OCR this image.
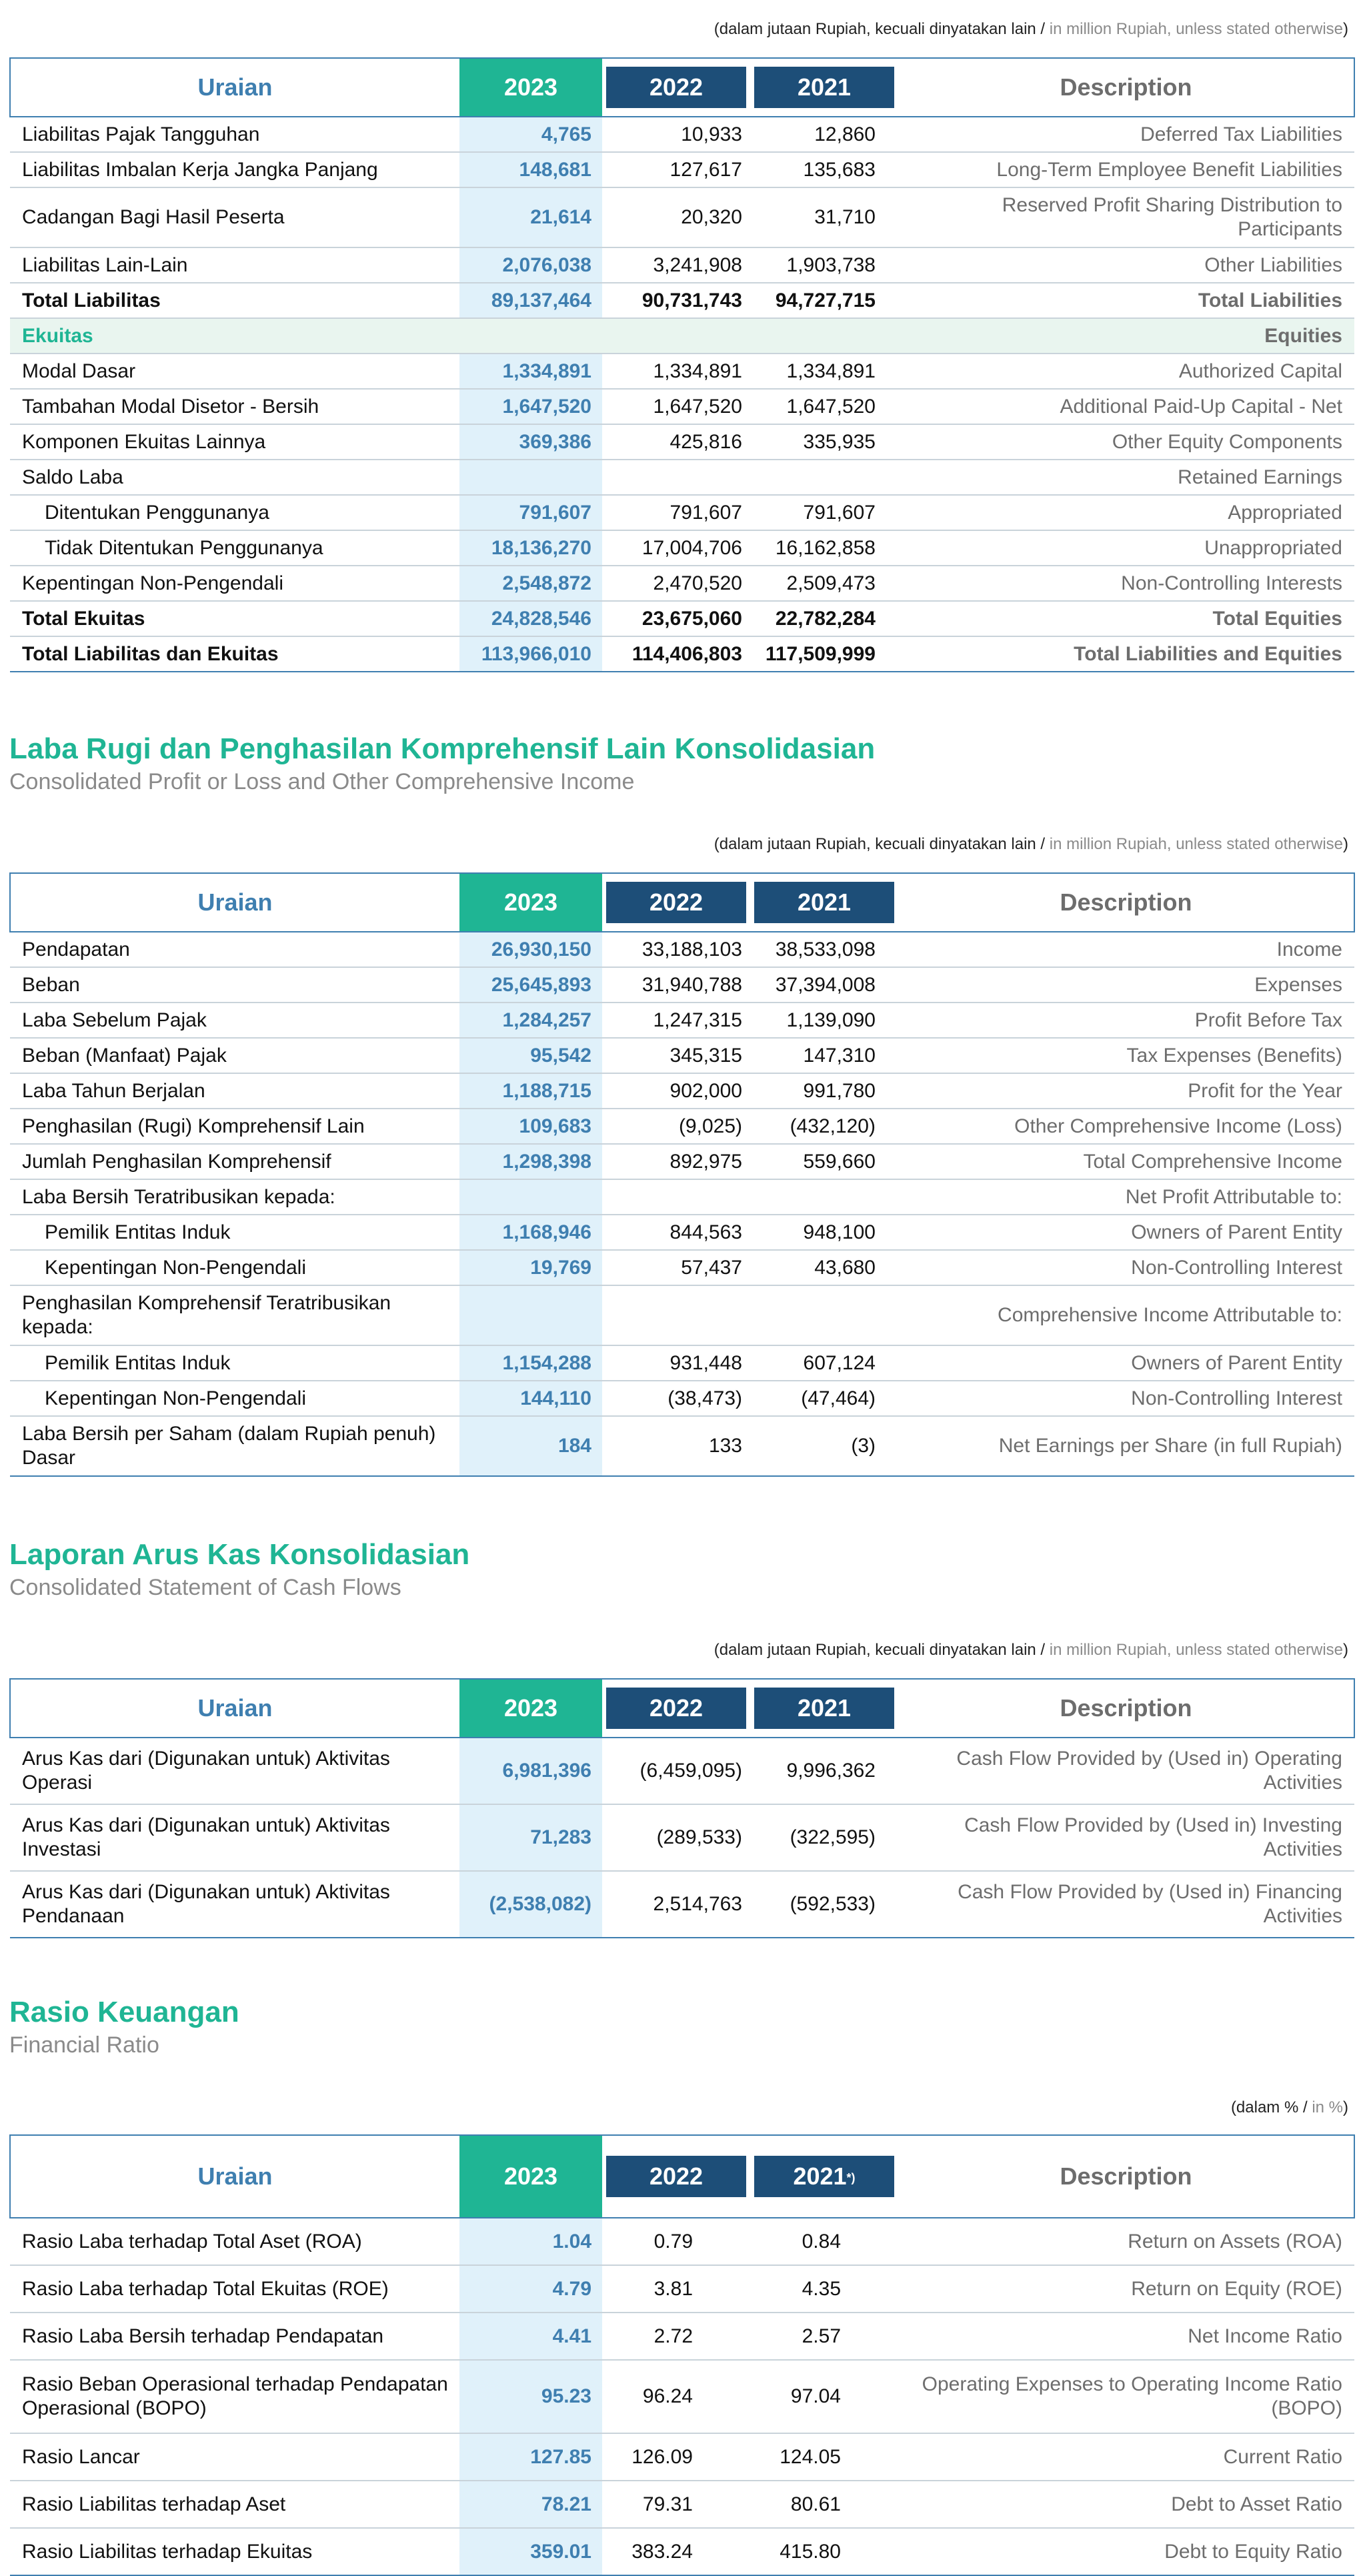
(dalam jutaan Rupiah, kecuali dinyatakan lain / in million Rupiah, unless stated otherwise)
Uraian	2023	2022	2021	Description
Liabilitas Pajak Tangguhan	4,765	10,933	12,860	Deferred Tax Liabilities
Liabilitas Imbalan Kerja Jangka Panjang	148,681	127,617	135,683	Long-Term Employee Benefit Liabilities
Cadangan Bagi Hasil Peserta	21,614	20,320	31,710	Reserved Profit Sharing Distribution to Participants
Liabilitas Lain-Lain	2,076,038	3,241,908	1,903,738	Other Liabilities
Total Liabilitas	89,137,464	90,731,743	94,727,715	Total Liabilities
Ekuitas				Equities
Modal Dasar	1,334,891	1,334,891	1,334,891	Authorized Capital
Tambahan Modal Disetor - Bersih	1,647,520	1,647,520	1,647,520	Additional Paid-Up Capital - Net
Komponen Ekuitas Lainnya	369,386	425,816	335,935	Other Equity Components
Saldo Laba				Retained Earnings
Ditentukan Penggunanya	791,607	791,607	791,607	Appropriated
Tidak Ditentukan Penggunanya	18,136,270	17,004,706	16,162,858	Unappropriated
Kepentingan Non-Pengendali	2,548,872	2,470,520	2,509,473	Non-Controlling Interests
Total Ekuitas	24,828,546	23,675,060	22,782,284	Total Equities
Total Liabilitas dan Ekuitas	113,966,010	114,406,803	117,509,999	Total Liabilities and Equities
Laba Rugi dan Penghasilan Komprehensif Lain Konsolidasian
Consolidated Profit or Loss and Other Comprehensive Income
(dalam jutaan Rupiah, kecuali dinyatakan lain / in million Rupiah, unless stated otherwise)
Uraian	2023	2022	2021	Description
Pendapatan	26,930,150	33,188,103	38,533,098	Income
Beban	25,645,893	31,940,788	37,394,008	Expenses
Laba Sebelum Pajak	1,284,257	1,247,315	1,139,090	Profit Before Tax
Beban (Manfaat) Pajak	95,542	345,315	147,310	Tax Expenses (Benefits)
Laba Tahun Berjalan	1,188,715	902,000	991,780	Profit for the Year
Penghasilan (Rugi) Komprehensif Lain	109,683	(9,025)	(432,120)	Other Comprehensive Income (Loss)
Jumlah Penghasilan Komprehensif	1,298,398	892,975	559,660	Total Comprehensive Income
Laba Bersih Teratribusikan kepada:				Net Profit Attributable to:
Pemilik Entitas Induk	1,168,946	844,563	948,100	Owners of Parent Entity
Kepentingan Non-Pengendali	19,769	57,437	43,680	Non-Controlling Interest
Penghasilan Komprehensif Teratribusikan kepada:				Comprehensive Income Attributable to:
Pemilik Entitas Induk	1,154,288	931,448	607,124	Owners of Parent Entity
Kepentingan Non-Pengendali	144,110	(38,473)	(47,464)	Non-Controlling Interest
Laba Bersih per Saham (dalam Rupiah penuh) Dasar	184	133	(3)	Net Earnings per Share (in full Rupiah)
Laporan Arus Kas Konsolidasian
Consolidated Statement of Cash Flows
(dalam jutaan Rupiah, kecuali dinyatakan lain / in million Rupiah, unless stated otherwise)
Uraian	2023	2022	2021	Description
Arus Kas dari (Digunakan untuk) Aktivitas Operasi	6,981,396	(6,459,095)	9,996,362	Cash Flow Provided by (Used in) Operating Activities
Arus Kas dari (Digunakan untuk) Aktivitas Investasi	71,283	(289,533)	(322,595)	Cash Flow Provided by (Used in) Investing Activities
Arus Kas dari (Digunakan untuk) Aktivitas Pendanaan	(2,538,082)	2,514,763	(592,533)	Cash Flow Provided by (Used in) Financing Activities
Rasio Keuangan
Financial Ratio
(dalam % / in %)
Uraian	2023	2022	2021*)	Description
Rasio Laba terhadap Total Aset (ROA)	1.04	0.79	0.84	Return on Assets (ROA)
Rasio Laba terhadap Total Ekuitas (ROE)	4.79	3.81	4.35	Return on Equity (ROE)
Rasio Laba Bersih terhadap Pendapatan	4.41	2.72	2.57	Net Income Ratio
Rasio Beban Operasional terhadap Pendapatan Operasional (BOPO)	95.23	96.24	97.04	Operating Expenses to Operating Income Ratio (BOPO)
Rasio Lancar	127.85	126.09	124.05	Current Ratio
Rasio Liabilitas terhadap Aset	78.21	79.31	80.61	Debt to Asset Ratio
Rasio Liabilitas terhadap Ekuitas	359.01	383.24	415.80	Debt to Equity Ratio
